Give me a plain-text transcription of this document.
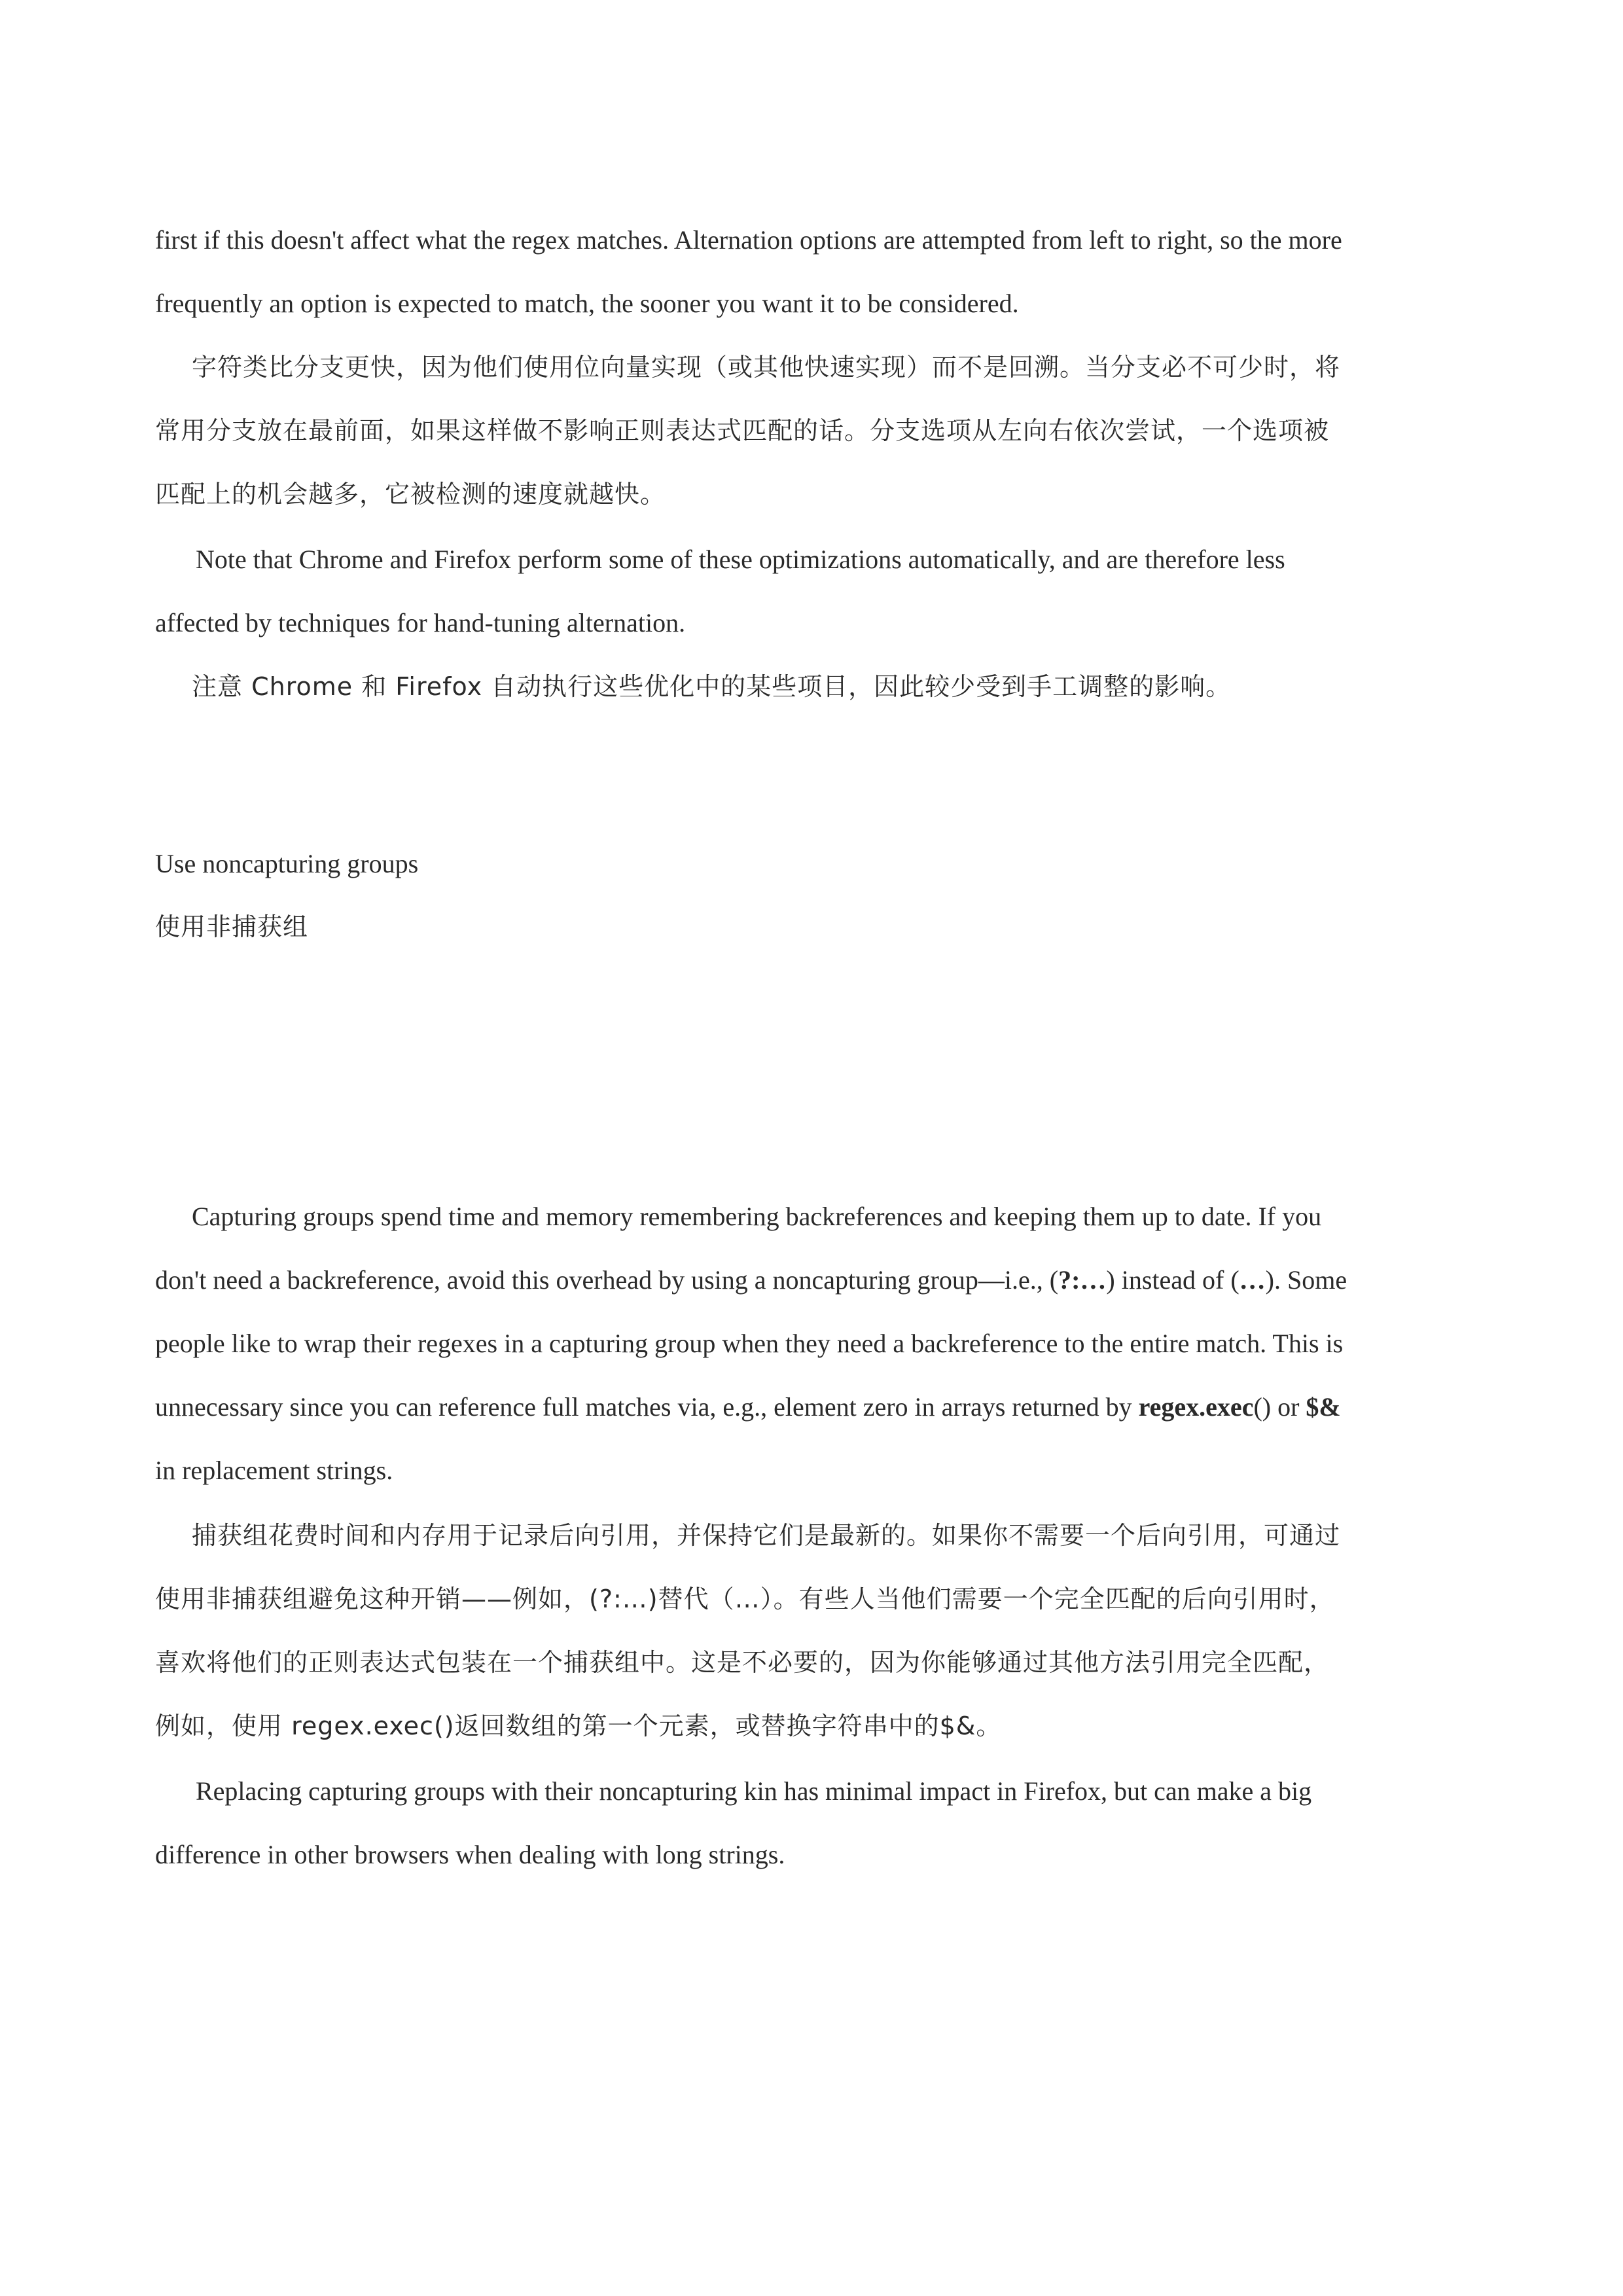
first if this doesn't affect what the regex matches. Alternation options are attempted from left to right, so the more
frequently an option is expected to match, the sooner you want it to be considered.

字符类比分支更快，因为他们使用位向量实现（或其他快速实现）而不是回溯。当分支必不可少时，将
常用分支放在最前面，如果这样做不影响正则表达式匹配的话。分支选项从左向右依次尝试，一个选项被
匹配上的机会越多，它被检测的速度就越快。

Note that Chrome and Firefox perform some of these optimizations automatically, and are therefore less
affected by techniques for hand-tuning alternation.

注意 Chrome 和 Firefox 自动执行这些优化中的某些项目，因此较少受到手工调整的影响。

Use noncapturing groups

使用非捕获组

Capturing groups spend time and memory remembering backreferences and keeping them up to date. If you
don't need a backreference, avoid this overhead by using a noncapturing group—i.e., (?:…) instead of (…). Some
people like to wrap their regexes in a capturing group when they need a backreference to the entire match. This is
unnecessary since you can reference full matches via, e.g., element zero in arrays returned by regex.exec() or $&
in replacement strings.

捕获组花费时间和内存用于记录后向引用，并保持它们是最新的。如果你不需要一个后向引用，可通过
使用非捕获组避免这种开销——例如，(?:…)替代（…）。有些人当他们需要一个完全匹配的后向引用时，
喜欢将他们的正则表达式包装在一个捕获组中。这是不必要的，因为你能够通过其他方法引用完全匹配，
例如，使用 regex.exec()返回数组的第一个元素，或替换字符串中的$&。

Replacing capturing groups with their noncapturing kin has minimal impact in Firefox, but can make a big
difference in other browsers when dealing with long strings.
